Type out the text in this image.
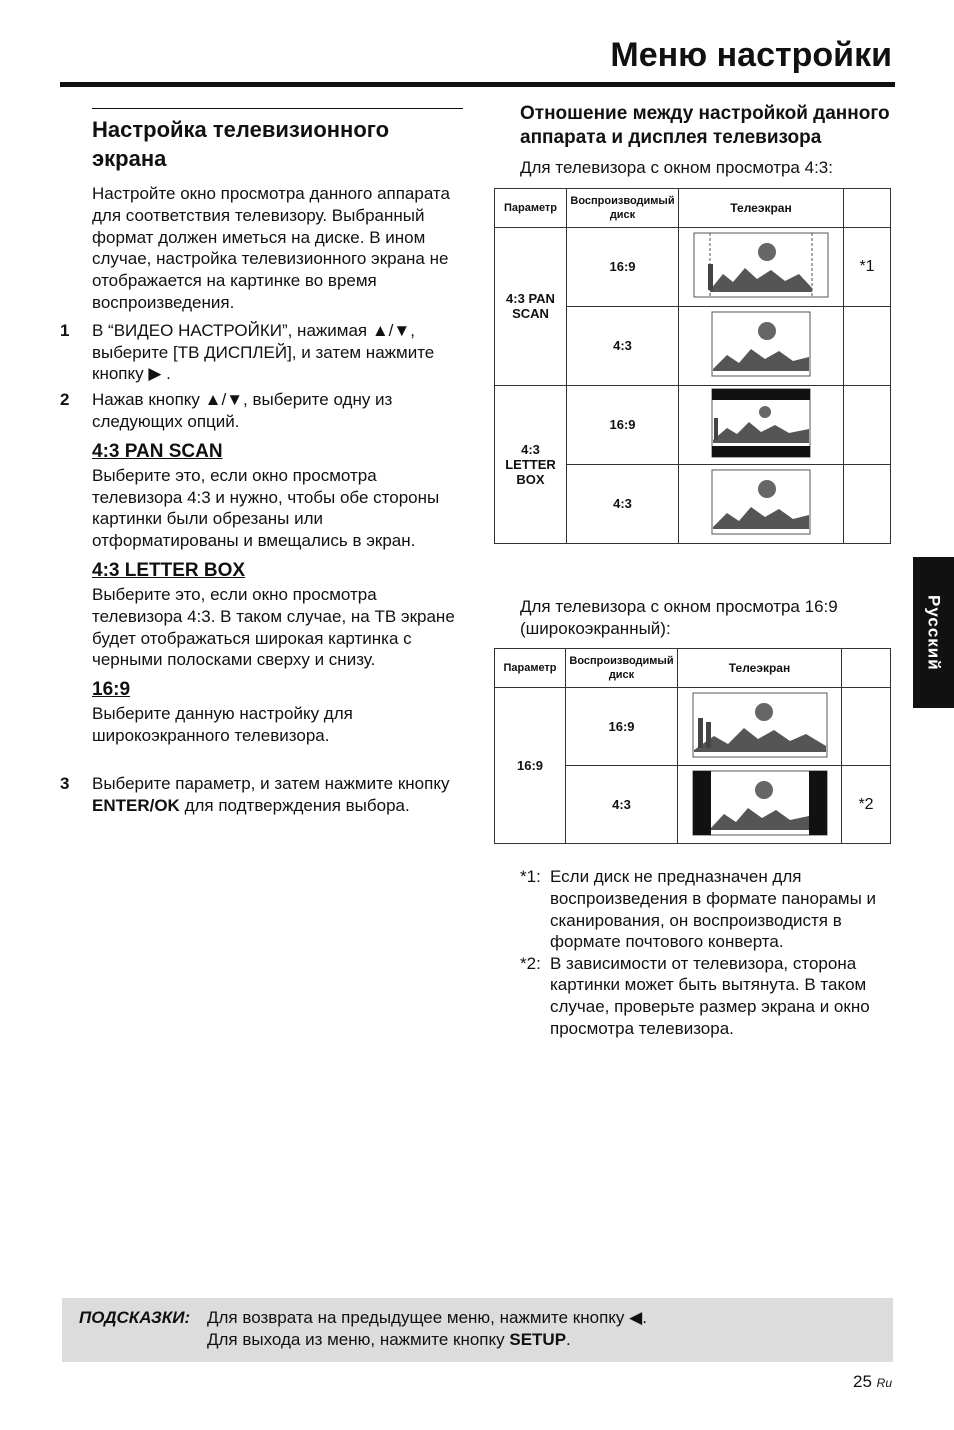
Меню настройки
Настройка телевизионного экрана

Настройте окно просмотра данного аппарата для соответствия телевизору. Выбранный формат должен иметься на диске. В ином случае, настройка телевизионного экрана не отображается на картинке во время воспроизведения.

1	В “ВИДЕО НАСТРОЙКИ”, нажимая ▲/▼, выберите [ТВ ДИСПЛЕЙ], и затем нажмите кнопку ▶ .
2	Нажав кнопку ▲/▼, выберите одну из следующих опций.
4:3 PAN SCAN

Выберите это, если окно просмотра телевизора 4:3 и нужно, чтобы обе стороны картинки были обрезаны или отформатированы и вмещались в экран.

4:3 LETTER BOX

Выберите это, если окно просмотра телевизора 4:3. В таком случае, на ТВ экране будет отображаться широкая картинка с черными полосками сверху и снизу.

16:9

Выберите данную настройку для широкоэкранного телевизора.

3	Выберите параметр, и затем нажмите кнопку ENTER/OK для подтверждения выбора.
Отношение между настройкой данного аппарата и дисплея телевизора

Для телевизора с окном просмотра 4:3:

Параметр	Воспроизводимый диск	Телеэкран	
4:3 PAN SCAN	16:9		*1
	4:3		
4:3 LETTER BOX	16:9		
	4:3		

Для телевизора с окном просмотра 16:9 (широкоэкранный):

Параметр	Воспроизводимый диск	Телеэкран	
16:9	16:9		
	4:3		*2
*1: Если диск не предназначен для воспроизведения в формате панорамы и сканирования, он воспроизводистя в формате почтового конверта.
*2: В зависимости от телевизора, сторона картинки может быть вытянута. В таком случае, проверьте размер экрана и окно просмотра телевизора.
Русский
ПОДСКАЗКИ: Для возврата на предыдущее меню, нажмите кнопку ◀.
Для выхода из меню, нажмите кнопку SETUP.
25 Ru
